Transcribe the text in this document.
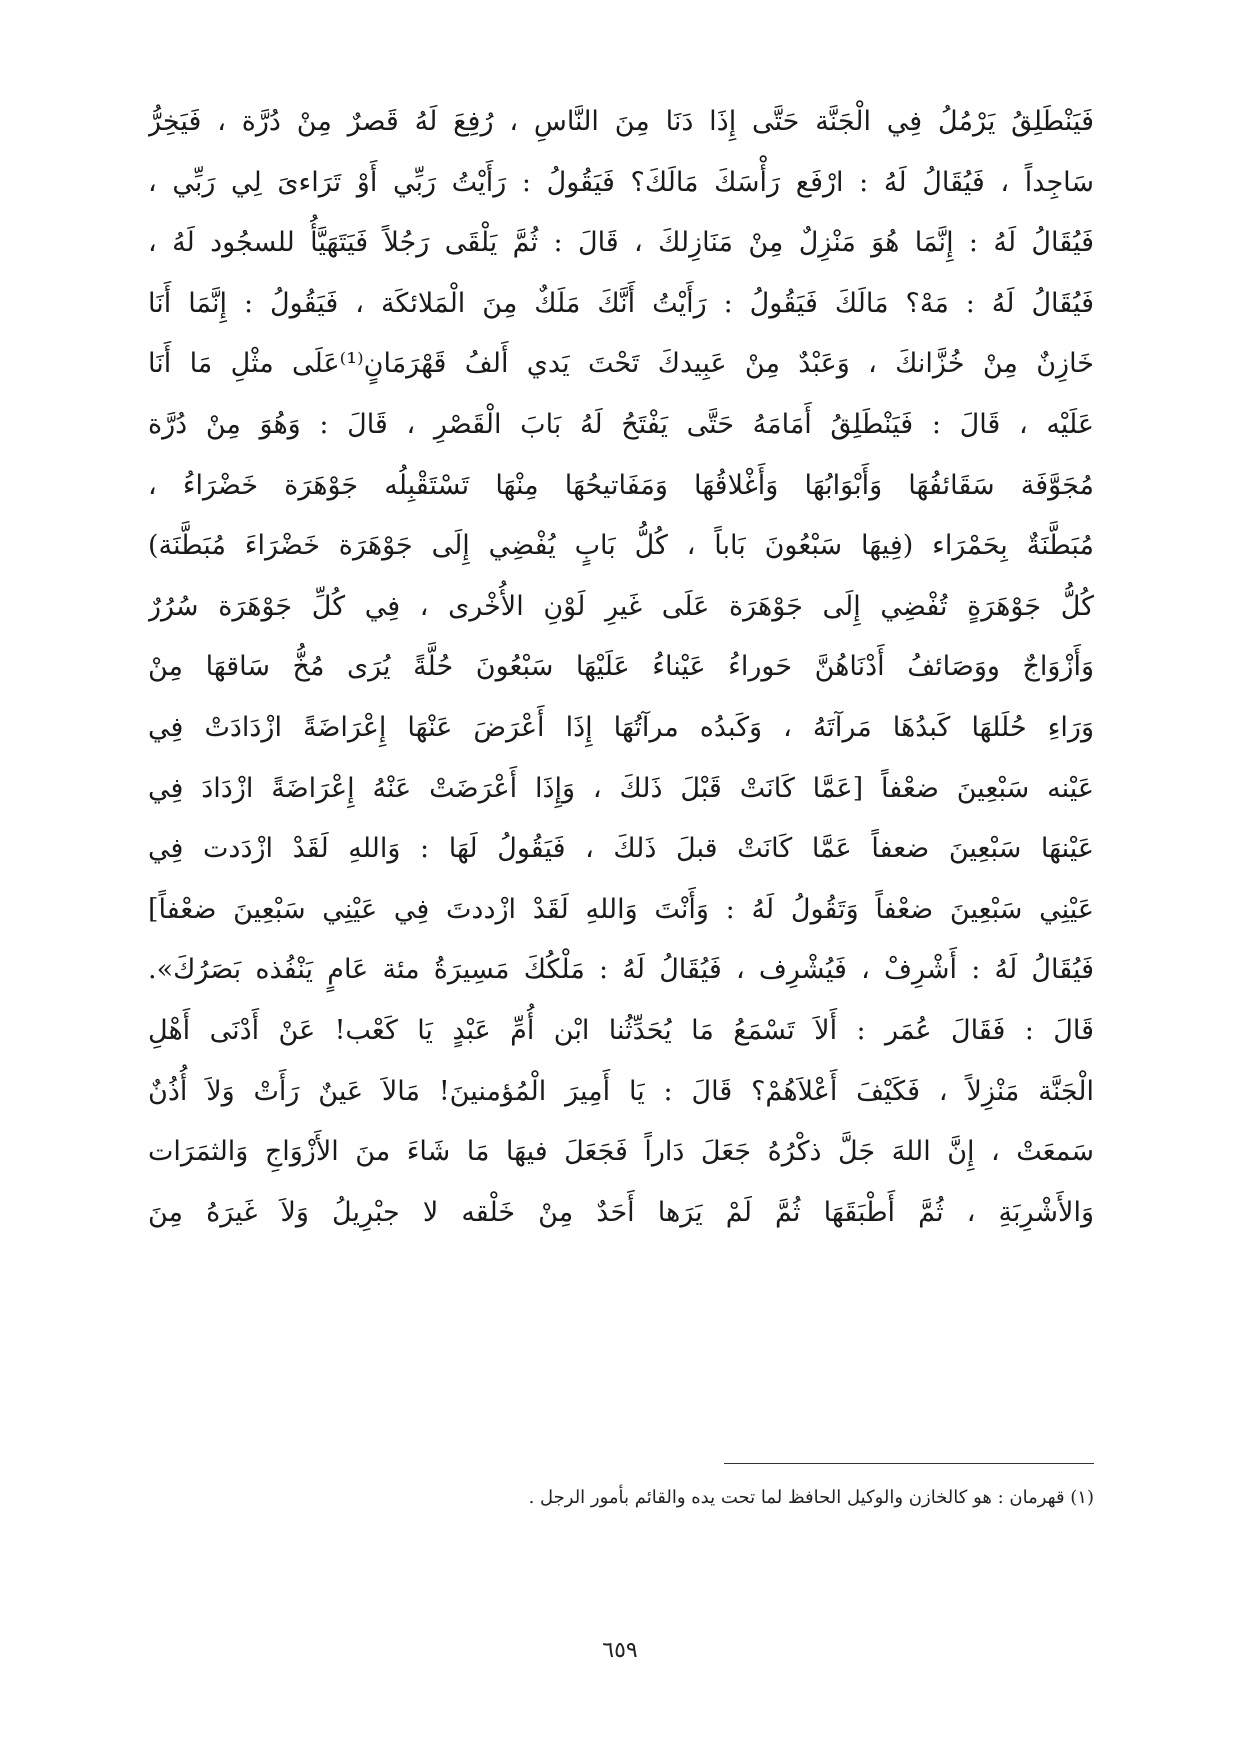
فَيَنْطَلِقُ يَرْمُلُ فِي الْجَنَّة حَتَّى إِذَا دَنَا مِنَ النَّاسِ ، رُفِعَ لَهُ قَصرٌ مِنْ دُرَّة ، فَيَخِرُّ
سَاجِداً ، فَيُقَالُ لَهُ : ارْفَع رَأْسَكَ مَالَكَ؟ فَيَقُولُ : رَأَيْتُ رَبِّي أَوْ تَرَاءىَ لِي رَبِّي ،
فَيُقَالُ لَهُ : إِنَّمَا هُوَ مَنْزِلٌ مِنْ مَنَازِلكَ ، قَالَ : ثُمَّ يَلْقَى رَجُلاً فَيَتَهَيَّأُ للسجُود لَهُ ،
فَيُقَالُ لَهُ : مَهْ؟ مَالَكَ فَيَقُولُ : رَأَيْتُ أَنَّكَ مَلَكٌ مِنَ الْمَلائكَة ، فَيَقُولُ : إِنَّمَا أَنَا
خَازِنٌ مِنْ خُزَّانكَ ، وَعَبْدٌ مِنْ عَبِيدكَ تَحْتَ يَدي أَلفُ قَهْرَمَانٍ⁽¹⁾عَلَى مثْلِ مَا أَنَا
عَلَيْه ، قَالَ : فَيَنْطَلِقُ أَمَامَهُ حَتَّى يَفْتَحُ لَهُ بَابَ الْقَصْرِ ، قَالَ : وَهُوَ مِنْ دُرَّة
مُجَوَّفَة سَقَائفُهَا وَأَبْوَابُهَا وَأَغْلاقُهَا وَمَفَاتيحُهَا مِنْهَا تَسْتَقْبِلُه جَوْهَرَة خَضْرَاءُ ،
مُبَطَّنَةٌ بِحَمْرَاء (فِيهَا سَبْعُونَ بَاباً ، كُلُّ بَابٍ يُفْضِي إِلَى جَوْهَرَة خَضْرَاءَ مُبَطَّنَة)
كُلُّ جَوْهَرَةٍ تُفْضِي إِلَى جَوْهَرَة عَلَى غَيرِ لَوْنِ الأُخْرى ، فِي كُلِّ جَوْهَرَة سُرُرٌ
وَأَزْوَاجٌ ووَصَائفُ أَدْنَاهُنَّ حَوراءُ عَيْناءُ عَلَيْهَا سَبْعُونَ حُلَّةً يُرَى مُخُّ سَاقهَا مِنْ
وَرَاءِ حُلَلهَا كَبدُهَا مَرآتَهُ ، وَكَبدُه مرآتُهَا إِذَا أَعْرَضَ عَنْهَا إِعْرَاضَةً ازْدَادَتْ فِي
عَيْنه سَبْعِينَ ضعْفاً [عَمَّا كَانَتْ قَبْلَ ذَلكَ ، وَإِذَا أَعْرَضَتْ عَنْهُ إِعْرَاضَةً ازْدَادَ فِي
عَيْنهَا سَبْعِينَ ضعفاً عَمَّا كَانَتْ قبلَ ذَلكَ ، فَيَقُولُ لَهَا : وَاللهِ لَقَدْ ازْدَدت فِي
عَيْنِي سَبْعِينَ ضعْفاً وَتَقُولُ لَهُ : وَأَنْتَ وَاللهِ لَقَدْ ازْددتَ فِي عَيْنِي سَبْعِينَ ضعْفاً]
فَيُقَالُ لَهُ : أَشْرِفْ ، فَيُشْرِف ، فَيُقَالُ لَهُ : مَلْكُكَ مَسِيرَةُ مئة عَامٍ يَنْفُذه بَصَرُكَ».
قَالَ : فَقَالَ عُمَر : أَلاَ تَسْمَعُ مَا يُحَدِّثُنا ابْن أُمِّ عَبْدٍ يَا كَعْب! عَنْ أَدْنَى أَهْلِ
الْجَنَّة مَنْزِلاً ، فَكَيْفَ أَعْلاَهُمْ؟ قَالَ : يَا أَمِيرَ الْمُؤمنينَ! مَالاَ عَينٌ رَأَتْ وَلاَ أُذُنٌ
سَمعَتْ ، إِنَّ اللهَ جَلَّ ذكْرُهُ جَعَلَ دَاراً فَجَعَلَ فيهَا مَا شَاءَ منَ الأَزْوَاجِ وَالثمَرَات
وَالأَشْرِبَةِ ، ثُمَّ أَطْبَقَهَا ثُمَّ لَمْ يَرَها أَحَدٌ مِنْ خَلْقه لا جبْرِيلُ وَلاَ غَيرَهُ مِنَ
(١) قهرمان : هو كالخازن والوكيل الحافظ لما تحت يده والقائم بأمور الرجل .
٦٥٩
